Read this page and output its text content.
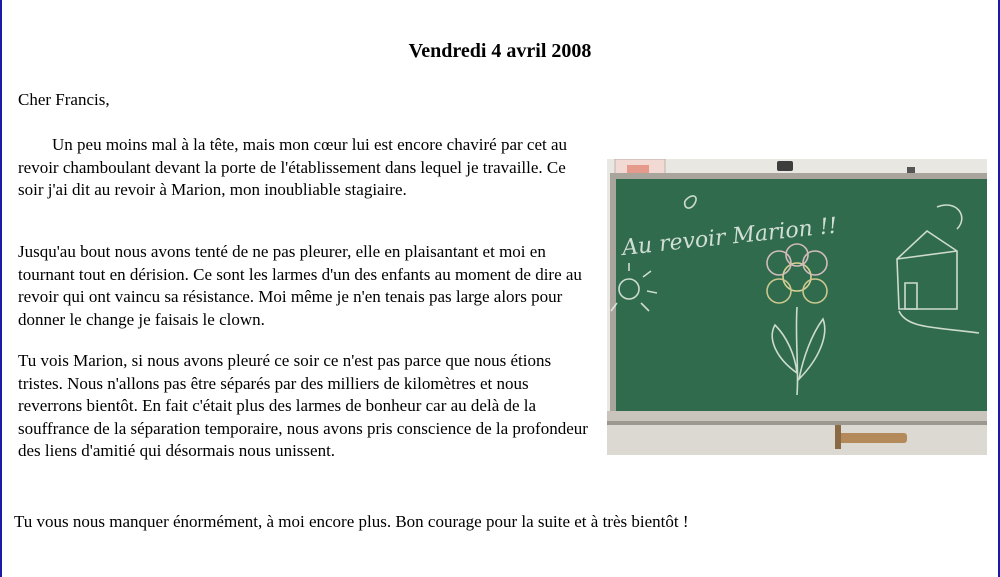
Vendredi 4 avril 2008
Cher Francis,

Un peu moins mal à la tête, mais mon cœur lui est encore chaviré par cet au revoir chamboulant devant la porte de l'établissement dans lequel je travaille. Ce soir j'ai dit au revoir à Marion, mon inoubliable stagiaire.

Jusqu'au bout nous avons tenté de ne pas pleurer, elle en plaisantant et moi en tournant tout en dérision. Ce sont les larmes d'un des enfants au moment de dire au revoir qui ont vaincu sa résistance. Moi même je n'en tenais pas large alors pour donner le change je faisais le clown.

Tu vois Marion, si nous avons pleuré ce soir ce n'est pas parce que nous étions tristes. Nous n'allons pas être séparés par des milliers de kilomètres et nous reverrons bientôt. En fait c'était plus des larmes de bonheur car au delà de la souffrance de la séparation temporaire, nous avons pris conscience de la profondeur des liens d'amitié qui désormais nous unissent.

Tu vous nous manquer énormément, à moi encore plus. Bon courage pour la suite et à très bientôt !
Au revoir Marion !!
